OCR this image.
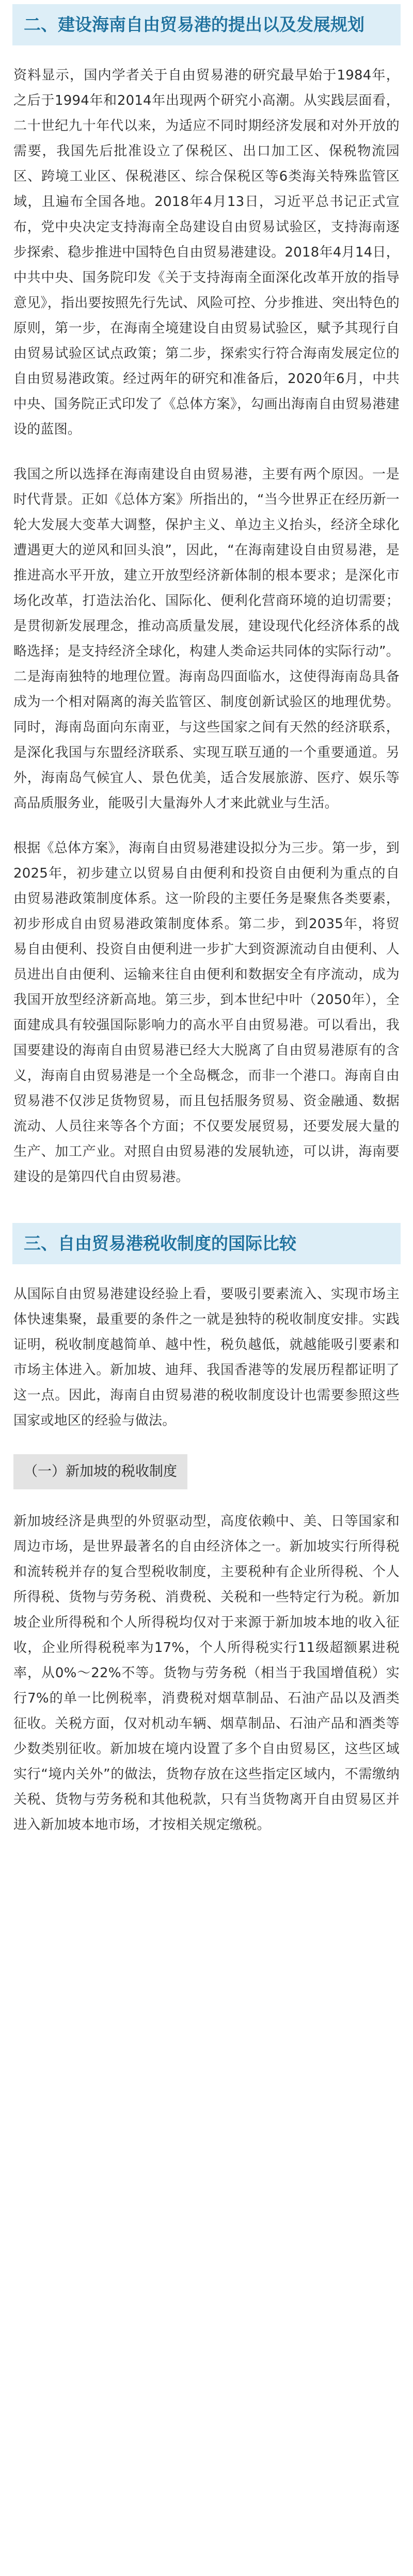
二、建设海南自由贸易港的提出以及发展规划

资料显示，国内学者关于自由贸易港的研究最早始于1984年，之后于1994年和2014年出现两个研究小高潮。从实践层面看，二十世纪九十年代以来，为适应不同时期经济发展和对外开放的需要，我国先后批准设立了保税区、出口加工区、保税物流园区、跨境工业区、保税港区、综合保税区等6类海关特殊监管区域，且遍布全国各地。2018年4月13日，习近平总书记正式宣布，党中央决定支持海南全岛建设自由贸易试验区，支持海南逐步探索、稳步推进中国特色自由贸易港建设。2018年4月14日，中共中央、国务院印发《关于支持海南全面深化改革开放的指导意见》，指出要按照先行先试、风险可控、分步推进、突出特色的原则，第一步，在海南全境建设自由贸易试验区，赋予其现行自由贸易试验区试点政策；第二步，探索实行符合海南发展定位的自由贸易港政策。经过两年的研究和准备后，2020年6月，中共中央、国务院正式印发了《总体方案》，勾画出海南自由贸易港建设的蓝图。

我国之所以选择在海南建设自由贸易港，主要有两个原因。一是时代背景。正如《总体方案》所指出的，“当今世界正在经历新一轮大发展大变革大调整，保护主义、单边主义抬头，经济全球化遭遇更大的逆风和回头浪”，因此，“在海南建设自由贸易港，是推进高水平开放，建立开放型经济新体制的根本要求；是深化市场化改革，打造法治化、国际化、便利化营商环境的迫切需要；是贯彻新发展理念，推动高质量发展，建设现代化经济体系的战略选择；是支持经济全球化，构建人类命运共同体的实际行动”。二是海南独特的地理位置。海南岛四面临水，这使得海南岛具备成为一个相对隔离的海关监管区、制度创新试验区的地理优势。同时，海南岛面向东南亚，与这些国家之间有天然的经济联系，是深化我国与东盟经济联系、实现互联互通的一个重要通道。另外，海南岛气候宜人、景色优美，适合发展旅游、医疗、娱乐等高品质服务业，能吸引大量海外人才来此就业与生活。

根据《总体方案》，海南自由贸易港建设拟分为三步。第一步，到2025年，初步建立以贸易自由便利和投资自由便利为重点的自由贸易港政策制度体系。这一阶段的主要任务是聚焦各类要素，初步形成自由贸易港政策制度体系。第二步，到2035年，将贸易自由便利、投资自由便利进一步扩大到资源流动自由便利、人员进出自由便利、运输来往自由便利和数据安全有序流动，成为我国开放型经济新高地。第三步，到本世纪中叶（2050年），全面建成具有较强国际影响力的高水平自由贸易港。可以看出，我国要建设的海南自由贸易港已经大大脱离了自由贸易港原有的含义，海南自由贸易港是一个全岛概念，而非一个港口。海南自由贸易港不仅涉足货物贸易，而且包括服务贸易、资金融通、数据流动、人员往来等各个方面；不仅要发展贸易，还要发展大量的生产、加工产业。对照自由贸易港的发展轨迹，可以讲，海南要建设的是第四代自由贸易港。

三、自由贸易港税收制度的国际比较

从国际自由贸易港建设经验上看，要吸引要素流入、实现市场主体快速集聚，最重要的条件之一就是独特的税收制度安排。实践证明，税收制度越简单、越中性，税负越低，就越能吸引要素和市场主体进入。新加坡、迪拜、我国香港等的发展历程都证明了这一点。因此，海南自由贸易港的税收制度设计也需要参照这些国家或地区的经验与做法。

（一）新加坡的税收制度

新加坡经济是典型的外贸驱动型，高度依赖中、美、日等国家和周边市场，是世界最著名的自由经济体之一。新加坡实行所得税和流转税并存的复合型税收制度，主要税种有企业所得税、个人所得税、货物与劳务税、消费税、关税和一些特定行为税。新加坡企业所得税和个人所得税均仅对于来源于新加坡本地的收入征收，企业所得税税率为17%，个人所得税实行11级超额累进税率，从0%～22%不等。货物与劳务税（相当于我国增值税）实行7%的单一比例税率，消费税对烟草制品、石油产品以及酒类征收。关税方面，仅对机动车辆、烟草制品、石油产品和酒类等少数类别征收。新加坡在境内设置了多个自由贸易区，这些区域实行“境内关外”的做法，货物存放在这些指定区域内，不需缴纳关税、货物与劳务税和其他税款，只有当货物离开自由贸易区并进入新加坡本地市场，才按相关规定缴税。
